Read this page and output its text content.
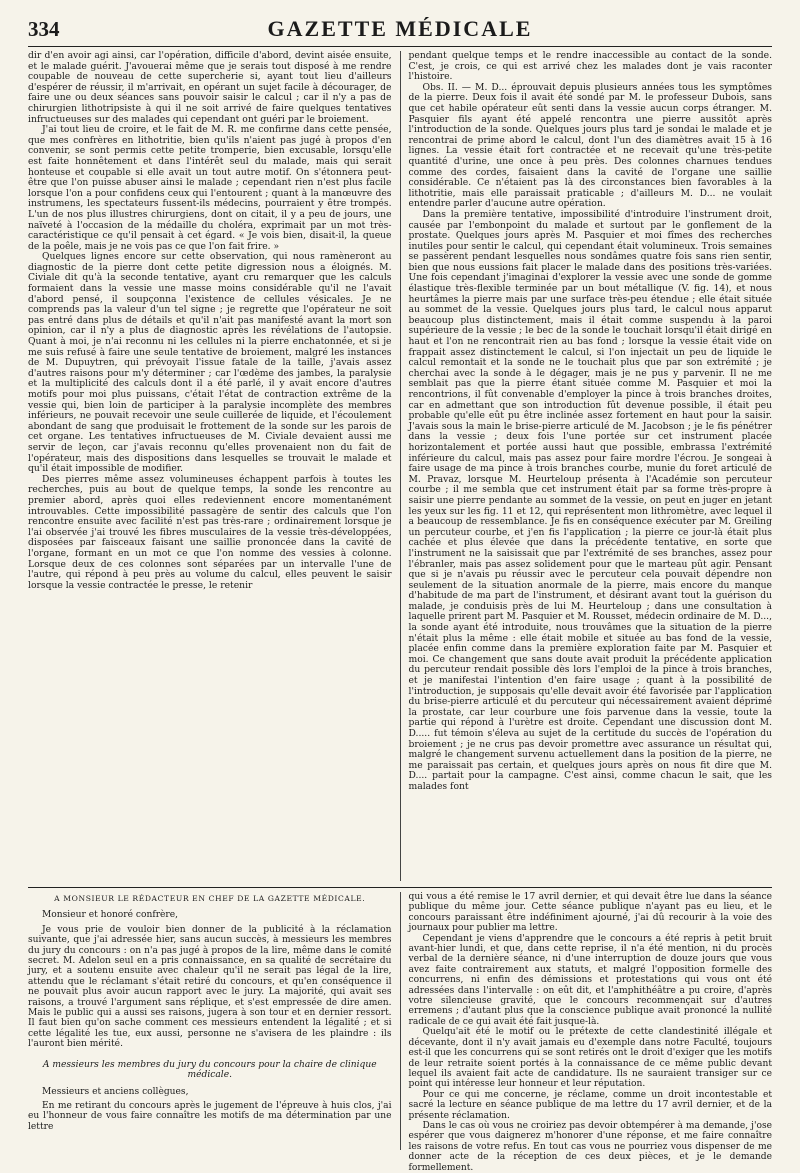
334	GAZETTE MÉDICALE

dir d'en avoir agi ainsi, car l'opération, difficile d'abord, devint aisée ensuite, et le malade guérit. J'avouerai même que je serais tout disposé à me rendre coupable de nouveau de cette supercherie si, ayant tout lieu d'ailleurs d'espérer de réussir, il m'arrivait, en opérant un sujet facile à décourager, de faire une ou deux séances sans pouvoir saisir le calcul ; car il n'y a pas de chirurgien lithotripsiste à qui il ne soit arrivé de faire quelques tentatives infructueuses sur des malades qui cependant ont guéri par le broiement.

J'ai tout lieu de croire, et le fait de M. R. me confirme dans cette pensée, que mes confrères en lithotritie, bien qu'ils n'aient pas jugé à propos d'en convenir, se sont permis cette petite tromperie, bien excusable, lorsqu'elle est faite honnêtement et dans l'intérêt seul du malade, mais qui serait honteuse et coupable si elle avait un tout autre motif. On s'étonnera peut-être que l'on puisse abuser ainsi le malade ; cependant rien n'est plus facile lorsque l'on a pour confidens ceux qui l'entourent ; quant à la manœuvre des instrumens, les spectateurs fussent-ils médecins, pourraient y être trompés. L'un de nos plus illustres chirurgiens, dont on citait, il y a peu de jours, une naïveté à l'occasion de la médaille du choléra, exprimait par un mot très-caractéristique ce qu'il pensait à cet égard. « Je vois bien, disait-il, la queue de la poêle, mais je ne vois pas ce que l'on fait frire. »

Quelques lignes encore sur cette observation, qui nous ramèneront au diagnostic de la pierre dont cette petite digression nous a éloignés. M. Civiale dit qu'à la seconde tentative, ayant cru remarquer que les calculs formaient dans la vessie une masse moins considérable qu'il ne l'avait d'abord pensé, il soupçonna l'existence de cellules vésicales. Je ne comprends pas la valeur d'un tel signe ; je regrette que l'opérateur ne soit pas entré dans plus de détails et qu'il n'ait pas manifesté avant la mort son opinion, car il n'y a plus de diagnostic après les révélations de l'autopsie. Quant à moi, je n'ai reconnu ni les cellules ni la pierre enchatonnée, et si je me suis refusé à faire une seule tentative de broiement, malgré les instances de M. Dupuytren, qui prévoyait l'issue fatale de la taille, j'avais assez d'autres raisons pour m'y déterminer ; car l'œdème des jambes, la paralysie et la multiplicité des calculs dont il a été parlé, il y avait encore d'autres motifs pour moi plus puissans, c'était l'état de contraction extrême de la vessie qui, bien loin de participer à la paralysie incomplète des membres inférieurs, ne pouvait recevoir une seule cuillerée de liquide, et l'écoulement abondant de sang que produisait le frottement de la sonde sur les parois de cet organe. Les tentatives infructueuses de M. Civiale devaient aussi me servir de leçon, car j'avais reconnu qu'elles provenaient non du fait de l'opérateur, mais des dispositions dans lesquelles se trouvait le malade et qu'il était impossible de modifier.

Des pierres même assez volumineuses échappent parfois à toutes les recherches, puis au bout de quelque temps, la sonde les rencontre au premier abord, après quoi elles redeviennent encore momentanément introuvables. Cette impossibilité passagère de sentir des calculs que l'on rencontre ensuite avec facilité n'est pas très-rare ; ordinairement lorsque je l'ai observée j'ai trouvé les fibres musculaires de la vessie très-développées, disposées par faisceaux faisant une saillie prononcée dans la cavité de l'organe, formant en un mot ce que l'on nomme des vessies à colonne. Lorsque deux de ces colonnes sont séparées par un intervalle l'une de l'autre, qui répond à peu près au volume du calcul, elles peuvent le saisir lorsque la vessie contractée le presse, le retenir

pendant quelque temps et le rendre inaccessible au contact de la sonde. C'est, je crois, ce qui est arrivé chez les malades dont je vais raconter l'histoire.

Obs. II. — M. D... éprouvait depuis plusieurs années tous les symptômes de la pierre. Deux fois il avait été sondé par M. le professeur Dubois, sans que cet habile opérateur eût senti dans la vessie aucun corps étranger. M. Pasquier fils ayant été appelé rencontra une pierre aussitôt après l'introduction de la sonde. Quelques jours plus tard je sondai le malade et je rencontrai de prime abord le calcul, dont l'un des diamètres avait 15 à 16 lignes. La vessie était fort contractée et ne recevait qu'une très-petite quantité d'urine, une once à peu près. Des colonnes charnues tendues comme des cordes, faisaient dans la cavité de l'organe une saillie considérable. Ce n'étaient pas là des circonstances bien favorables à la lithotritie, mais elle paraissait praticable ; d'ailleurs M. D... ne voulait entendre parler d'aucune autre opération.

Dans la première tentative, impossibilité d'introduire l'instrument droit, causée par l'embonpoint du malade et surtout par le gonflement de la prostate. Quelques jours après M. Pasquier et moi fîmes des recherches inutiles pour sentir le calcul, qui cependant était volumineux. Trois semaines se passèrent pendant lesquelles nous sondâmes quatre fois sans rien sentir, bien que nous eussions fait placer le malade dans des positions très-variées. Une fois cependant j'imaginai d'explorer la vessie avec une sonde de gomme élastique très-flexible terminée par un bout métallique (V. fig. 14), et nous heurtâmes la pierre mais par une surface très-peu étendue ; elle était située au sommet de la vessie. Quelques jours plus tard, le calcul nous apparut beaucoup plus distinctement, mais il était comme suspendu à la paroi supérieure de la vessie ; le bec de la sonde le touchait lorsqu'il était dirigé en haut et l'on ne rencontrait rien au bas fond ; lorsque la vessie était vide on frappait assez distinctement le calcul, si l'on injectait un peu de liquide le calcul remontait et la sonde ne le touchait plus que par son extrémité ; je cherchai avec la sonde à le dégager, mais je ne pus y parvenir. Il ne me semblait pas que la pierre étant située comme M. Pasquier et moi la rencontrions, il fût convenable d'employer la pince à trois branches droites, car en admettant que son introduction fût devenue possible, il était peu probable qu'elle eût pu être inclinée assez fortement en haut pour la saisir. J'avais sous la main le brise-pierre articulé de M. Jacobson ; je le fis pénétrer dans la vessie ; deux fois l'une portée sur cet instrument placée horizontalement et portée aussi haut que possible, embrassa l'extrémité inférieure du calcul, mais pas assez pour faire mordre l'écrou. Je songeai à faire usage de ma pince à trois branches courbe, munie du foret articulé de M. Pravaz, lorsque M. Heurteloup présenta à l'Académie son percuteur courbe ; il me sembla que cet instrument était par sa forme très-propre à saisir une pierre pendante au sommet de la vessie, on peut en juger en jetant les yeux sur les fig. 11 et 12, qui représentent mon lithromètre, avec lequel il a beaucoup de ressemblance. Je fis en conséquence exécuter par M. Greiling un percuteur courbe, et j'en fis l'application ; la pierre ce jour-là était plus cachée et plus élevée que dans la précédente tentative, en sorte que l'instrument ne la saisissait que par l'extrémité de ses branches, assez pour l'ébranler, mais pas assez solidement pour que le marteau pût agir. Pensant que si je n'avais pu réussir avec le percuteur cela pouvait dépendre non seulement de la situation anormale de la pierre, mais encore du manque d'habitude de ma part de l'instrument, et désirant avant tout la guérison du malade, je conduisis près de lui M. Heurteloup ; dans une consultation à laquelle prirent part M. Pasquier et M. Rousset, médecin ordinaire de M. D..., la sonde ayant été introduite, nous trouvâmes que la situation de la pierre n'était plus la même : elle était mobile et située au bas fond de la vessie, placée enfin comme dans la première exploration faite par M. Pasquier et moi. Ce changement que sans doute avait produit la précédente application du percuteur rendait possible dès lors l'emploi de la pince à trois branches, et je manifestai l'intention d'en faire usage ; quant à la possibilité de l'introduction, je supposais qu'elle devait avoir été favorisée par l'application du brise-pierre articulé et du percuteur qui nécessairement avaient déprimé la prostate, car leur courbure une fois parvenue dans la vessie, toute la partie qui répond à l'urètre est droite. Cependant une discussion dont M. D..... fut témoin s'éleva au sujet de la certitude du succès de l'opération du broiement ; je ne crus pas devoir promettre avec assurance un résultat qui, malgré le changement survenu actuellement dans la position de la pierre, ne me paraissait pas certain, et quelques jours après on nous fit dire que M. D.... partait pour la campagne. C'est ainsi, comme chacun le sait, que les malades font

A MONSIEUR LE RÉDACTEUR EN CHEF DE LA GAZETTE MÉDICALE.

Monsieur et honoré confrère,

Je vous prie de vouloir bien donner de la publicité à la réclamation suivante, que j'ai adressée hier, sans aucun succès, à messieurs les membres du jury du concours : on n'a pas jugé à propos de la lire, même dans le comité secret. M. Adelon seul en a pris connaissance, en sa qualité de secrétaire du jury, et a soutenu ensuite avec chaleur qu'il ne serait pas légal de la lire, attendu que le réclamant s'était retiré du concours, et qu'en conséquence il ne pouvait plus avoir aucun rapport avec le jury. La majorité, qui avait ses raisons, a trouvé l'argument sans réplique, et s'est empressée de dire amen. Mais le public qui a aussi ses raisons, jugera à son tour et en dernier ressort. Il faut bien qu'on sache comment ces messieurs entendent la légalité ; et si cette légalité les tue, eux aussi, personne ne s'avisera de les plaindre : ils l'auront bien mérité.

A messieurs les membres du jury du concours pour la chaire de clinique médicale.

Messieurs et anciens collègues,

En me retirant du concours après le jugement de l'épreuve à huis clos, j'ai eu l'honneur de vous faire connaître les motifs de ma détermination par une lettre

qui vous a été remise le 17 avril dernier, et qui devait être lue dans la séance publique du même jour. Cette séance publique n'ayant pas eu lieu, et le concours paraissant être indéfiniment ajourné, j'ai dû recourir à la voie des journaux pour publier ma lettre.

Cependant je viens d'apprendre que le concours a été repris à petit bruit avant-hier lundi, et que, dans cette reprise, il n'a été mention, ni du procès verbal de la dernière séance, ni d'une interruption de douze jours que vous avez faite contrairement aux statuts, et malgré l'opposition formelle des concurrens, ni enfin des démissions et protestations qui vous ont été adressées dans l'intervalle : on eût dit, et l'amphithéâtre a pu croire, d'après votre silencieuse gravité, que le concours recommençait sur d'autres erremens ; d'autant plus que la conscience publique avait prononcé la nullité radicale de ce qui avait été fait jusque-là.

Quelqu'ait été le motif ou le prétexte de cette clandestinité illégale et décevante, dont il n'y avait jamais eu d'exemple dans notre Faculté, toujours est-il que les concurrens qui se sont retirés ont le droit d'exiger que les motifs de leur retraite soient portés à la connaissance de ce même public devant lequel ils avaient fait acte de candidature. Ils ne sauraient transiger sur ce point qui intéresse leur honneur et leur réputation.

Pour ce qui me concerne, je réclame, comme un droit incontestable et sacré la lecture en séance publique de ma lettre du 17 avril dernier, et de la présente réclamation.

Dans le cas où vous ne croiriez pas devoir obtempérer à ma demande, j'ose espérer que vous daignerez m'honorer d'une réponse, et me faire connaître les raisons de votre refus. En tout cas vous ne pourriez vous dispenser de me donner acte de la réception de ces deux pièces, et je le demande formellement.
